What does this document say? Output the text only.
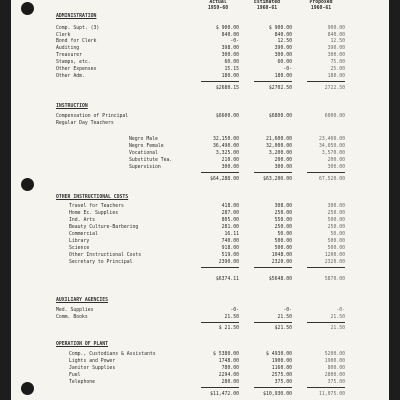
Actual
1959-60
Estimated
1960-61
Proposed
1960-61
ADMINISTRATION
Comp. Supt. (3)	$ 900.00	$ 900.00	900.00
Clerk	840.00	840.00	840.00
Bond for Clerk	-0-	12.50	12.50
Auditing	398.00	390.00	390.00
Treasurer	300.00	300.00	300.00
Stamps, etc.	60.00	60.00	75.00
Other Expenses	15.15	-0-	25.00
Other Adm.	180.00	180.00	180.00
$2680.15	$2702.50	2722.50
INSTRUCTION
Compensation of Principal	$6600.00	$6800.00	6000.00
Regular Day Teachers
Negro Male	32,150.00	21,600.00	23,400.00
Negro Female	36,490.00	32,000.00	34,050.00
Vocational	3,325.00	3,200.00	3,570.00
Substitute Tea.	210.00	200.00	200.00
Supervision	300.00	300.00	300.00
$64,288.00	$63,200.00	67,520.00
OTHER INSTRUCTIONAL COSTS
Travel for Teachers	418.00	308.00	300.00
Home Ec. Supplies	287.00	250.00	250.00
Ind. Arts	805.00	550.00	500.00
Beauty Culture-Barbering	281.00	250.00	250.00
Commercial	16.11	50.00	50.00
Library	740.00	500.00	500.00
Science	918.00	500.00	500.00
Other Instructional Costs	519.00	1048.00	1200.00
Secretary to Principal	2390.00	2320.00	2320.00
$6374.11	$5648.00	5870.00
AUXILIARY AGENCIES
Med. Supplies	-0-	-0-	-0-
Comm. Books	21.50	21.50	21.50
$ 21.50	$21.50	21.50
OPERATION OF PLANT
Comp., Custodians & Assistants	$ 5380.00	$ 4930.00	5200.00
Lights and Power	1748.00	1900.00	1900.00
Janitor Supplies	780.00	1160.00	800.00
Fuel	2294.00	2575.00	2800.00
Telephone	280.00	375.00	375.00
$11,472.00	$10,930.00	11,075.00
